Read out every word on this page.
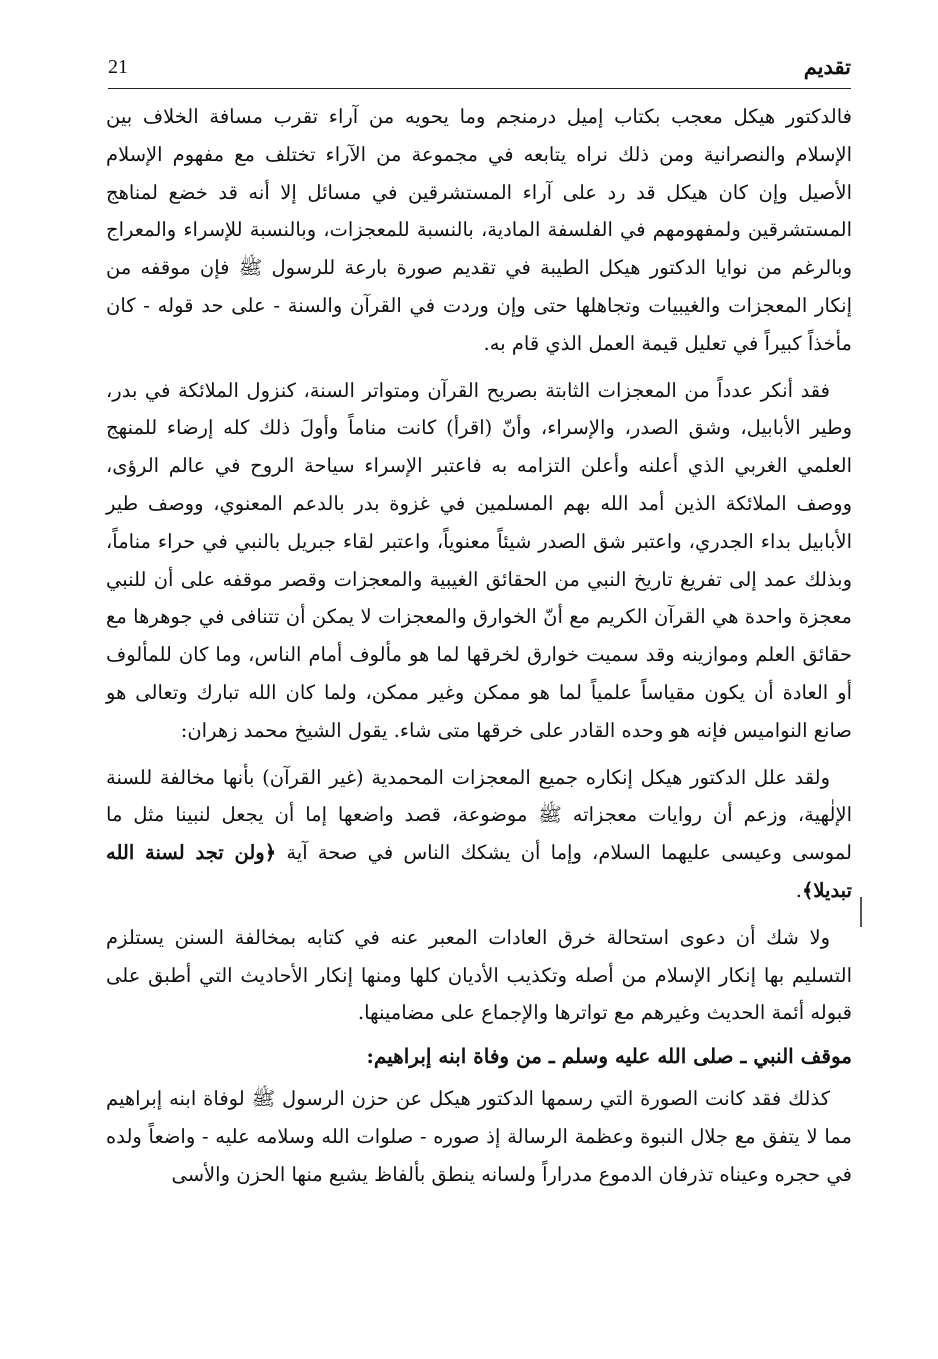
21	تقديم

فالدكتور هيكل معجب بكتاب إميل درمنجم وما يحويه من آراء تقرب مسافة الخلاف بين الإسلام والنصرانية ومن ذلك نراه يتابعه في مجموعة من الآراء تختلف مع مفهوم الإسلام الأصيل وإن كان هيكل قد رد على آراء المستشرقين في مسائل إلا أنه قد خضع لمناهج المستشرقين ولمفهومهم في الفلسفة المادية، بالنسبة للمعجزات، وبالنسبة للإسراء والمعراج وبالرغم من نوايا الدكتور هيكل الطيبة في تقديم صورة بارعة للرسول ﷺ فإن موقفه من إنكار المعجزات والغيبيات وتجاهلها حتى وإن وردت في القرآن والسنة - على حد قوله - كان مأخذاً كبيراً في تعليل قيمة العمل الذي قام به.

فقد أنكر عدداً من المعجزات الثابتة بصريح القرآن ومتواتر السنة، كنزول الملائكة في بدر، وطير الأبابيل، وشق الصدر، والإسراء، وأنّ (اقرأ) كانت مناماً وأولَ ذلك كله إرضاء للمنهج العلمي الغربي الذي أعلنه وأعلن التزامه به فاعتبر الإسراء سياحة الروح في عالم الرؤى، ووصف الملائكة الذين أمد الله بهم المسلمين في غزوة بدر بالدعم المعنوي، ووصف طير الأبابيل بداء الجدري، واعتبر شق الصدر شيئاً معنوياً، واعتبر لقاء جبريل بالنبي في حراء مناماً، وبذلك عمد إلى تفريغ تاريخ النبي من الحقائق الغيبية والمعجزات وقصر موقفه على أن للنبي معجزة واحدة هي القرآن الكريم مع أنّ الخوارق والمعجزات لا يمكن أن تتنافى في جوهرها مع حقائق العلم وموازينه وقد سميت خوارق لخرقها لما هو مألوف أمام الناس، وما كان للمألوف أو العادة أن يكون مقياساً علمياً لما هو ممكن وغير ممكن، ولما كان الله تبارك وتعالى هو صانع النواميس فإنه هو وحده القادر على خرقها متى شاء. يقول الشيخ محمد زهران:

ولقد علل الدكتور هيكل إنكاره جميع المعجزات المحمدية (غير القرآن) بأنها مخالفة للسنة الإلٰهية، وزعم أن روايات معجزاته ﷺ موضوعة، قصد واضعها إما أن يجعل لنبينا مثل ما لموسى وعيسى عليهما السلام، وإما أن يشكك الناس في صحة آية ﴿ولن تجد لسنة الله تبديلا﴾.

ولا شك أن دعوى استحالة خرق العادات المعبر عنه في كتابه بمخالفة السنن يستلزم التسليم بها إنكار الإسلام من أصله وتكذيب الأديان كلها ومنها إنكار الأحاديث التي أطبق على قبوله أئمة الحديث وغيرهم مع تواترها والإجماع على مضامينها.

موقف النبي ـ صلى الله عليه وسلم ـ من وفاة ابنه إبراهيم:

كذلك فقد كانت الصورة التي رسمها الدكتور هيكل عن حزن الرسول ﷺ لوفاة ابنه إبراهيم مما لا يتفق مع جلال النبوة وعظمة الرسالة إذ صوره - صلوات الله وسلامه عليه - واضعاً ولده في حجره وعيناه تذرفان الدموع مدراراً ولسانه ينطق بألفاظ يشيع منها الحزن والأسى
